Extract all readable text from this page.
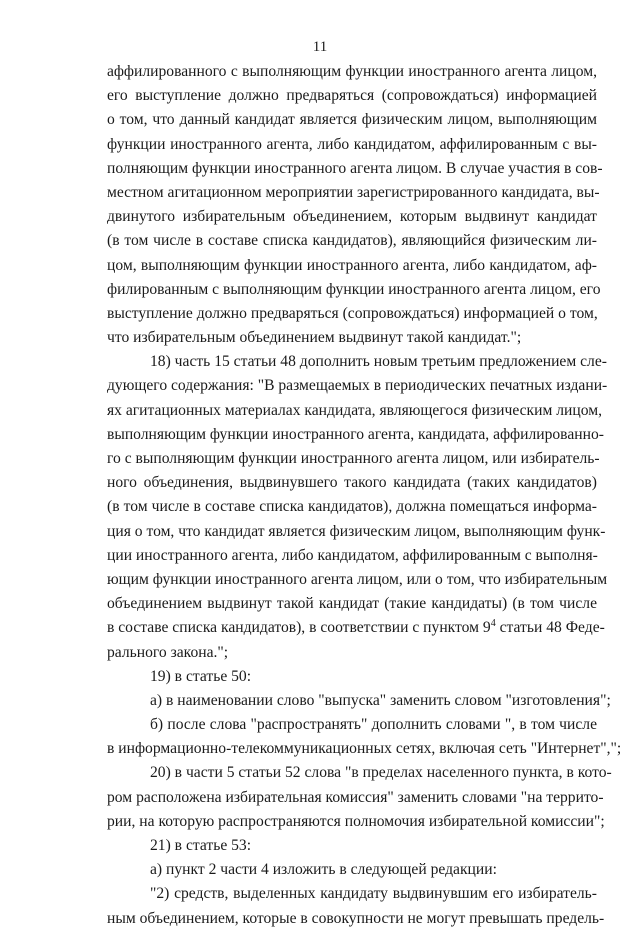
11
аффилированного с выполняющим функции иностранного агента лицом,
его выступление должно предваряться (сопровождаться) информацией
о том, что данный кандидат является физическим лицом, выполняющим
функции иностранного агента, либо кандидатом, аффилированным с вы-
полняющим функции иностранного агента лицом. В случае участия в сов-
местном агитационном мероприятии зарегистрированного кандидата, вы-
двинутого избирательным объединением, которым выдвинут кандидат
(в том числе в составе списка кандидатов), являющийся физическим ли-
цом, выполняющим функции иностранного агента, либо кандидатом, аф-
филированным с выполняющим функции иностранного агента лицом, его
выступление должно предваряться (сопровождаться) информацией о том,
что избирательным объединением выдвинут такой кандидат.";
18) часть 15 статьи 48 дополнить новым третьим предложением сле-
дующего содержания: "В размещаемых в периодических печатных издани-
ях агитационных материалах кандидата, являющегося физическим лицом,
выполняющим функции иностранного агента, кандидата, аффилированно-
го с выполняющим функции иностранного агента лицом, или избиратель-
ного объединения, выдвинувшего такого кандидата (таких кандидатов)
(в том числе в составе списка кандидатов), должна помещаться информа-
ция о том, что кандидат является физическим лицом, выполняющим функ-
ции иностранного агента, либо кандидатом, аффилированным с выполня-
ющим функции иностранного агента лицом, или о том, что избирательным
объединением выдвинут такой кандидат (такие кандидаты) (в том числе
в составе списка кандидатов), в соответствии с пунктом $9^4$ статьи 48 Феде-
рального закона.";
19) в статье 50:
а) в наименовании слово "выпуска" заменить словом "изготовления";
б) после слова "распространять" дополнить словами ", в том числе
в информационно-телекоммуникационных сетях, включая сеть "Интернет",";
20) в части 5 статьи 52 слова "в пределах населенного пункта, в кото-
ром расположена избирательная комиссия" заменить словами "на террито-
рии, на которую распространяются полномочия избирательной комиссии";
21) в статье 53:
а) пункт 2 части 4 изложить в следующей редакции:
"2) средств, выделенных кандидату выдвинувшим его избиратель-
ным объединением, которые в совокупности не могут превышать предель-
